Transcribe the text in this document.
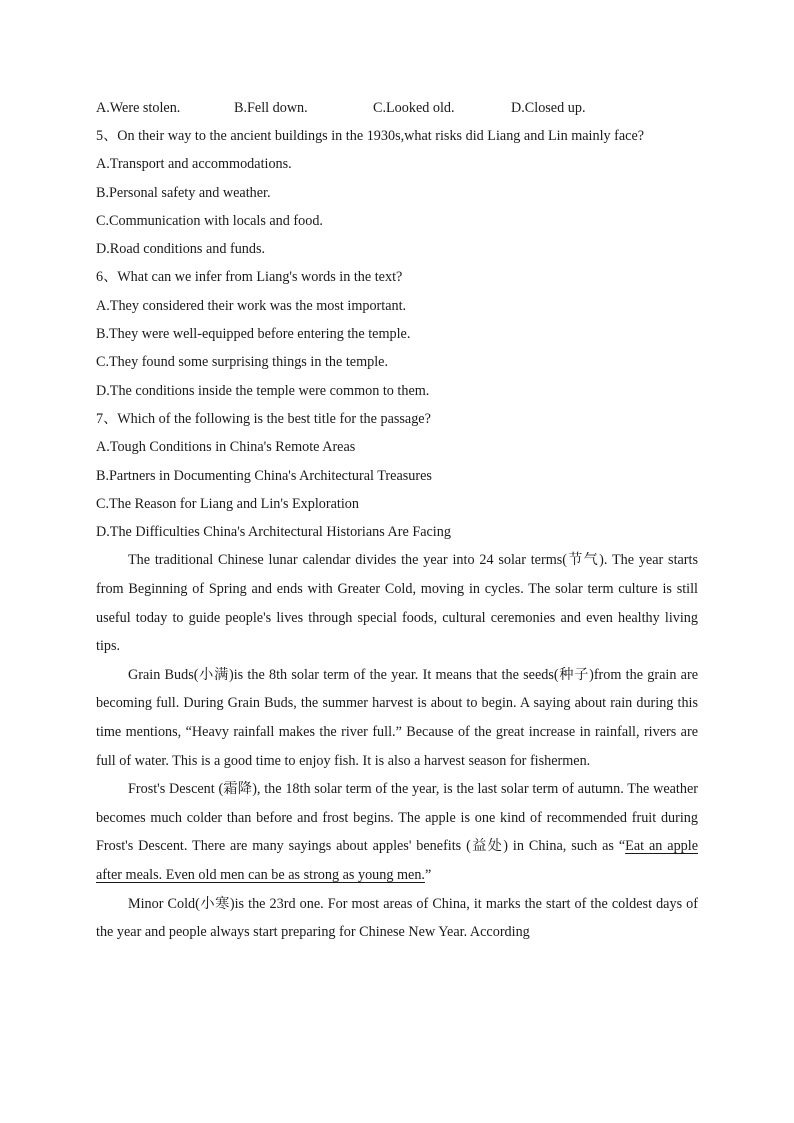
A.Were stolen.	B.Fell down.	C.Looked old.	D.Closed up.
5、On their way to the ancient buildings in the 1930s,what risks did Liang and Lin mainly face?
A.Transport and accommodations.
B.Personal safety and weather.
C.Communication with locals and food.
D.Road conditions and funds.
6、What can we infer from Liang's words in the text?
A.They considered their work was the most important.
B.They were well-equipped before entering the temple.
C.They found some surprising things in the temple.
D.The conditions inside the temple were common to them.
7、Which of the following is the best title for the passage?
A.Tough Conditions in China's Remote Areas
B.Partners in Documenting China's Architectural Treasures
C.The Reason for Liang and Lin's Exploration
D.The Difficulties China's Architectural Historians Are Facing
The traditional Chinese lunar calendar divides the year into 24 solar terms(节气). The year starts from Beginning of Spring and ends with Greater Cold, moving in cycles. The solar term culture is still useful today to guide people's lives through special foods, cultural ceremonies and even healthy living tips.
Grain Buds(小满)is the 8th solar term of the year. It means that the seeds(种子)from the grain are becoming full. During Grain Buds, the summer harvest is about to begin. A saying about rain during this time mentions, “Heavy rainfall makes the river full.” Because of the great increase in rainfall, rivers are full of water. This is a good time to enjoy fish. It is also a harvest season for fishermen.
Frost's Descent (霜降), the 18th solar term of the year, is the last solar term of autumn. The weather becomes much colder than before and frost begins. The apple is one kind of recommended fruit during Frost's Descent. There are many sayings about apples' benefits (益处) in China, such as “Eat an apple after meals. Even old men can be as strong as young men.”
Minor Cold(小寒)is the 23rd one. For most areas of China, it marks the start of the coldest days of the year and people always start preparing for Chinese New Year. According
